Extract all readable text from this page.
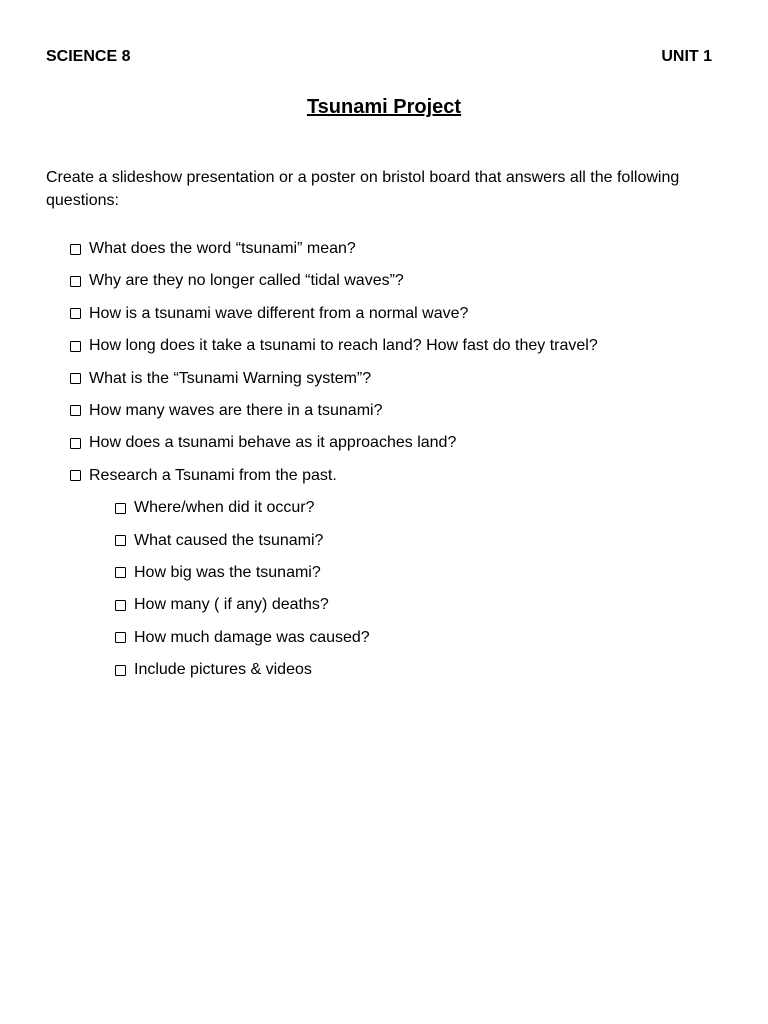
SCIENCE 8	UNIT 1
Tsunami Project
Create a slideshow presentation or a poster on bristol board that answers all the following questions:
What does the word “tsunami” mean?
Why are they no longer called “tidal waves”?
How is a tsunami wave different from a normal wave?
How long does it take a tsunami to reach land? How fast do they travel?
What is the “Tsunami Warning system”?
How many waves are there in a tsunami?
How does a tsunami behave as it approaches land?
Research a Tsunami from the past.
Where/when did it occur?
What caused the tsunami?
How big was the tsunami?
How many ( if any) deaths?
How much damage was caused?
Include pictures & videos
